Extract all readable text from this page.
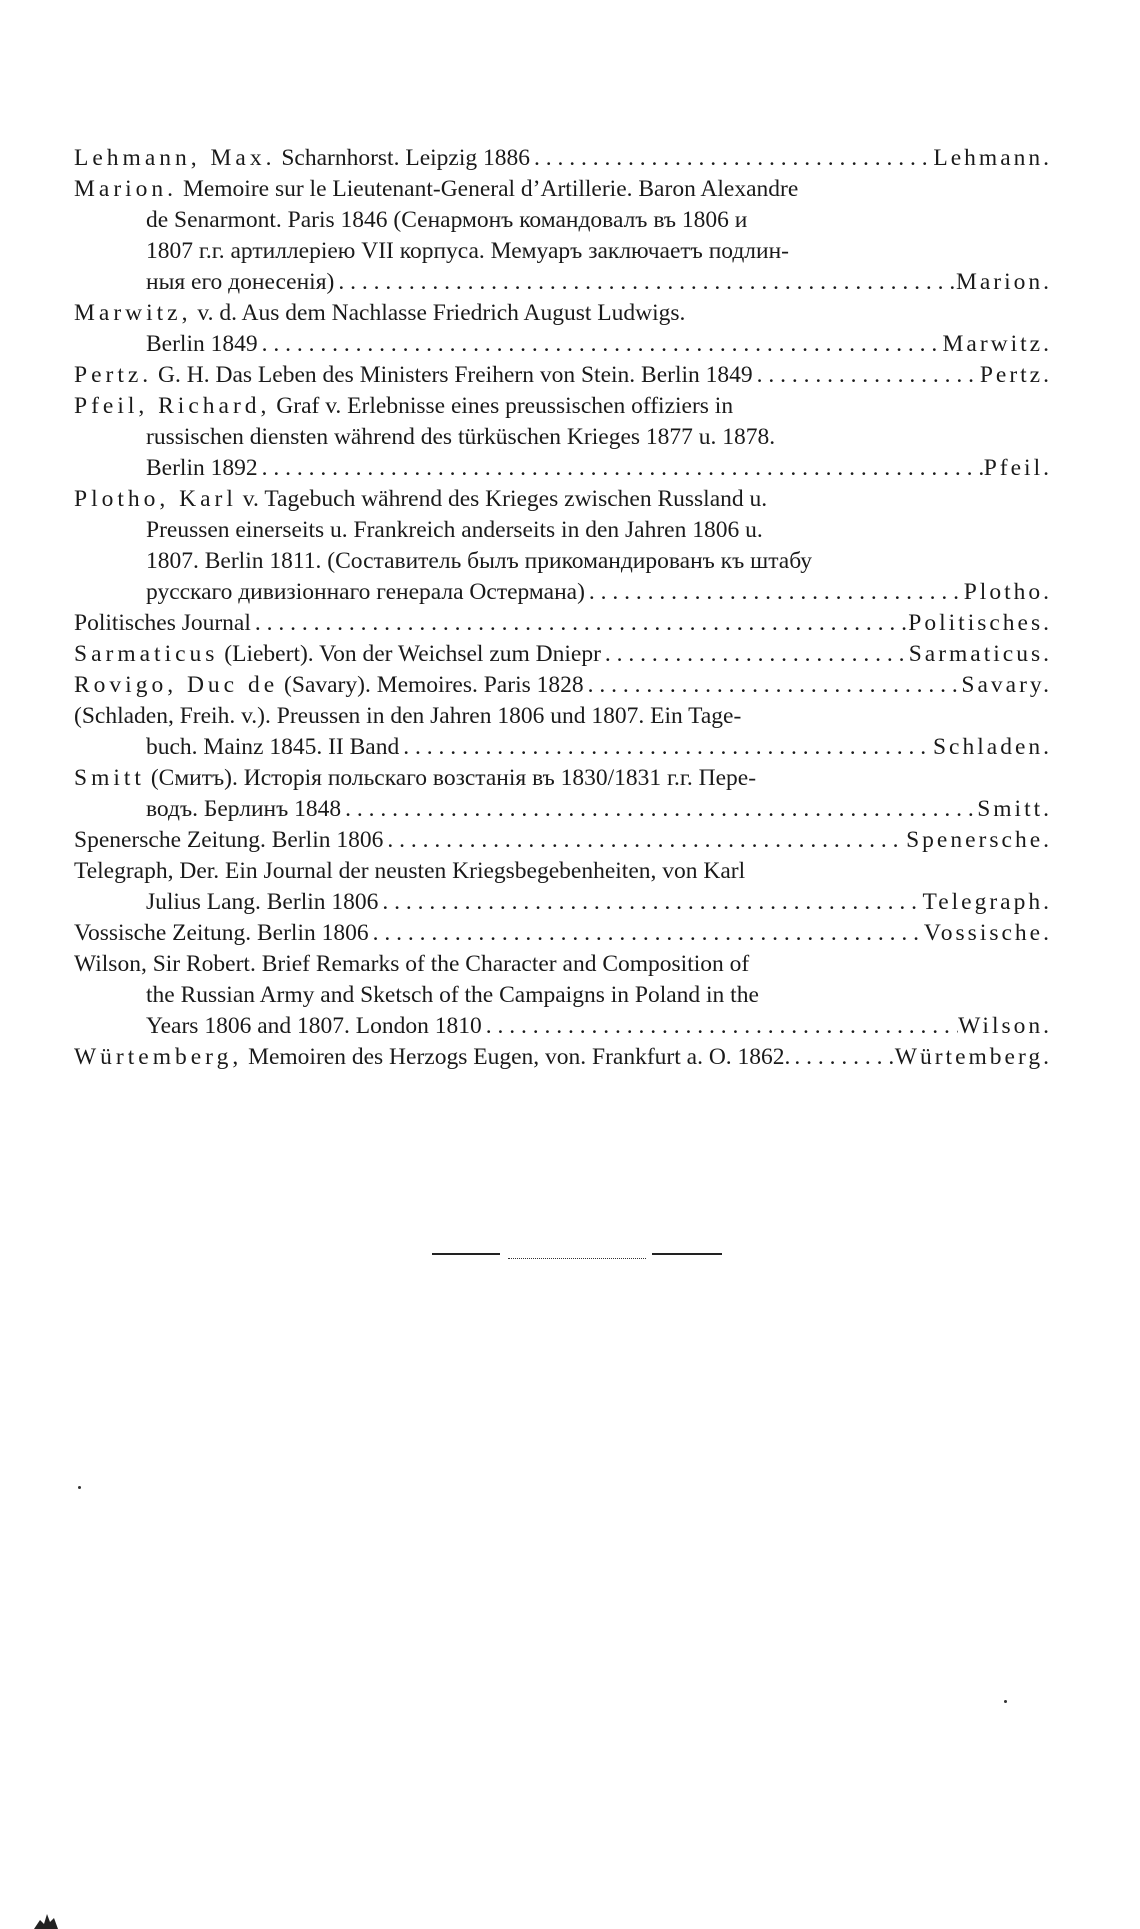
Lehmann, Max. Scharnhorst. Leipzig 1886 . . .	Lehmann.
Marion. Memoire sur le Lieutenant-General d’Artillerie. Baron Alexandre
de Senarmont. Paris 1846 (Сенармонъ командовалъ въ 1806 и
1807 г.г. артиллеріею VII корпуса. Мемуаръ заключаетъ подлин-
ныя его донесенія) . . .	Marion.
Marwitz, v. d. Aus dem Nachlasse Friedrich August Ludwigs.
Berlin 1849 . . .	Marwitz.
Pertz. G. H. Das Leben des Ministers Freihern von Stein. Berlin 1849 . . .	Pertz.
Pfeil, Richard, Graf v. Erlebnisse eines preussischen offiziers in
russischen diensten während des türküschen Krieges 1877 u. 1878.
Berlin 1892 . . .	Pfeil.
Plotho, Karl v. Tagebuch während des Krieges zwischen Russland u.
Preussen einerseits u. Frankreich anderseits in den Jahren 1806 u.
1807. Berlin 1811. (Составитель былъ прикомандированъ къ штабу
русскаго дивизіоннаго генерала Остермана) . . .	Plotho.
Politisches Journal . . .	Politisches.
Sarmaticus (Liebert). Von der Weichsel zum Dniepr . . .	Sarmaticus.
Rovigo, Duc de (Savary). Memoires. Paris 1828 . . .	Savary.
(Schladen, Freih. v.). Preussen in den Jahren 1806 und 1807. Ein Tage-
buch. Mainz 1845. II Band . . .	Schladen.
Smitt (Смитъ). Исторія польскаго возстанія въ 1830/1831 г.г. Пере-
водъ. Берлинъ 1848 . . .	Smitt.
Spenersche Zeitung. Berlin 1806 . . .	Spenersche.
Telegraph, Der. Ein Journal der neusten Kriegsbegebenheiten, von Karl
Julius Lang. Berlin 1806 . . .	Telegraph.
Vossische Zeitung. Berlin 1806 . . .	Vossische.
Wilson, Sir Robert. Brief Remarks of the Character and Composition of
the Russian Army and Sketsch of the Campaigns in Poland in the
Years 1806 and 1807. London 1810 . . .	Wilson.
Würtemberg, Memoiren des Herzogs Eugen, von. Frankfurt a. O. 1862. . . .	Würtemberg.
